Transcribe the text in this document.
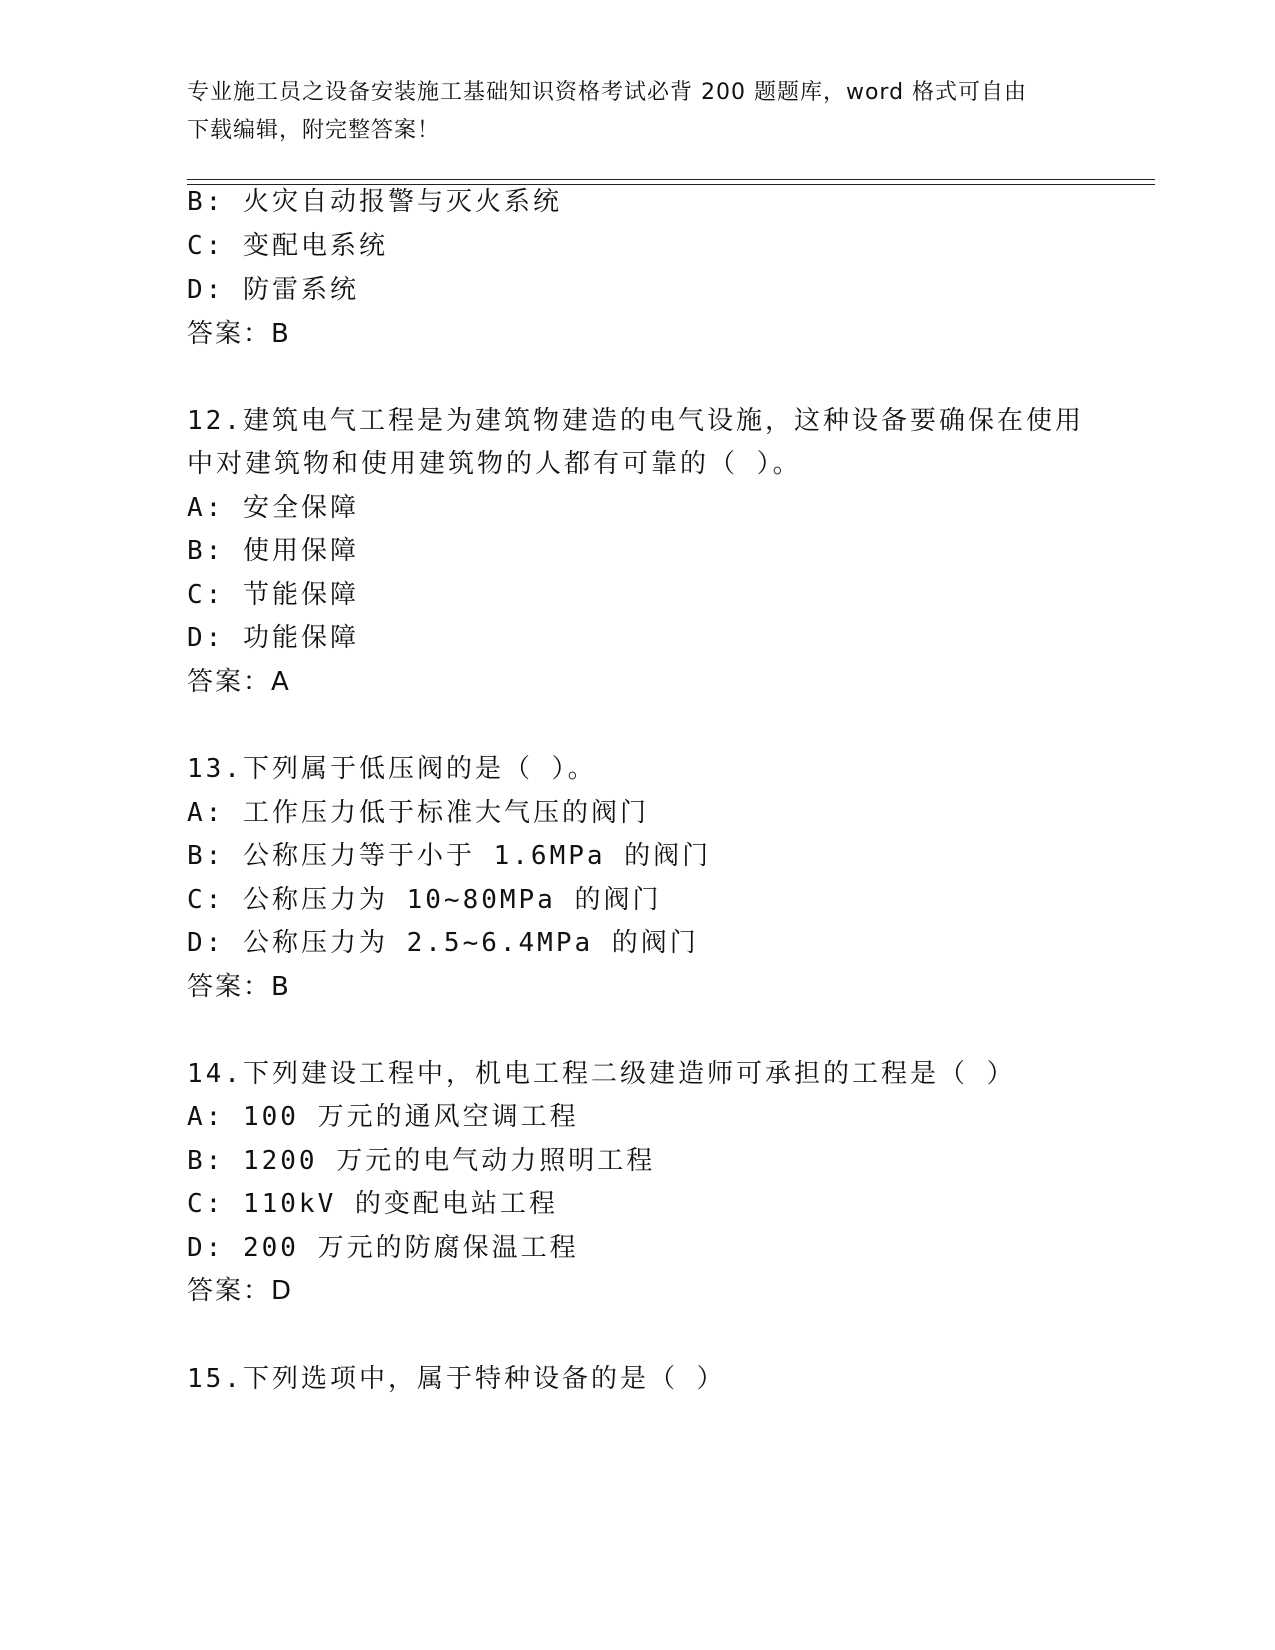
专业施工员之设备安装施工基础知识资格考试必背 200 题题库，word 格式可自由
下载编辑，附完整答案！
B: 火灾自动报警与灭火系统
C: 变配电系统
D: 防雷系统
答案：B
12.建筑电气工程是为建筑物建造的电气设施，这种设备要确保在使用
中对建筑物和使用建筑物的人都有可靠的（ ）。
A: 安全保障
B: 使用保障
C: 节能保障
D: 功能保障
答案：A
13.下列属于低压阀的是（ ）。
A: 工作压力低于标准大气压的阀门
B: 公称压力等于小于 1.6MPa 的阀门
C: 公称压力为 10~80MPa 的阀门
D: 公称压力为 2.5~6.4MPa 的阀门
答案：B
14.下列建设工程中，机电工程二级建造师可承担的工程是（ ）
A: 100 万元的通风空调工程
B: 1200 万元的电气动力照明工程
C: 110kV 的变配电站工程
D: 200 万元的防腐保温工程
答案：D
15.下列选项中，属于特种设备的是（ ）
